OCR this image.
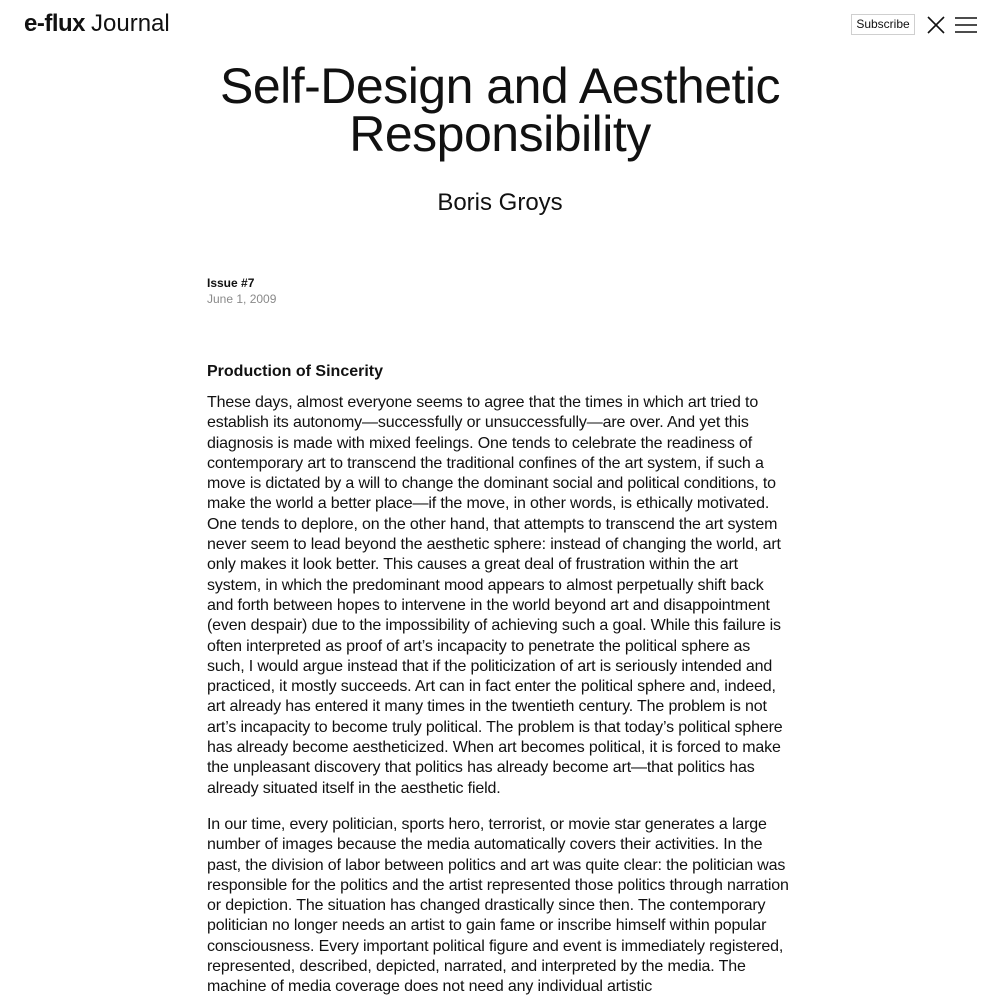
e-flux Journal	Subscribe
Self-Design and Aesthetic Responsibility
Boris Groys
Issue #7
June 1, 2009
Production of Sincerity

These days, almost everyone seems to agree that the times in which art tried to establish its autonomy—successfully or unsuccessfully—are over. And yet this diagnosis is made with mixed feelings. One tends to celebrate the readiness of contemporary art to transcend the traditional confines of the art system, if such a move is dictated by a will to change the dominant social and political conditions, to make the world a better place—if the move, in other words, is ethically motivated. One tends to deplore, on the other hand, that attempts to transcend the art system never seem to lead beyond the aesthetic sphere: instead of changing the world, art only makes it look better. This causes a great deal of frustration within the art system, in which the predominant mood appears to almost perpetually shift back and forth between hopes to intervene in the world beyond art and disappointment (even despair) due to the impossibility of achieving such a goal. While this failure is often interpreted as proof of art’s incapacity to penetrate the political sphere as such, I would argue instead that if the politicization of art is seriously intended and practiced, it mostly succeeds. Art can in fact enter the political sphere and, indeed, art already has entered it many times in the twentieth century. The problem is not art’s incapacity to become truly political. The problem is that today’s political sphere has already become aestheticized. When art becomes political, it is forced to make the unpleasant discovery that politics has already become art—that politics has already situated itself in the aesthetic field.

In our time, every politician, sports hero, terrorist, or movie star generates a large number of images because the media automatically covers their activities. In the past, the division of labor between politics and art was quite clear: the politician was responsible for the politics and the artist represented those politics through narration or depiction. The situation has changed drastically since then. The contemporary politician no longer needs an artist to gain fame or inscribe himself within popular consciousness. Every important political figure and event is immediately registered, represented, described, depicted, narrated, and interpreted by the media. The machine of media coverage does not need any individual artistic
